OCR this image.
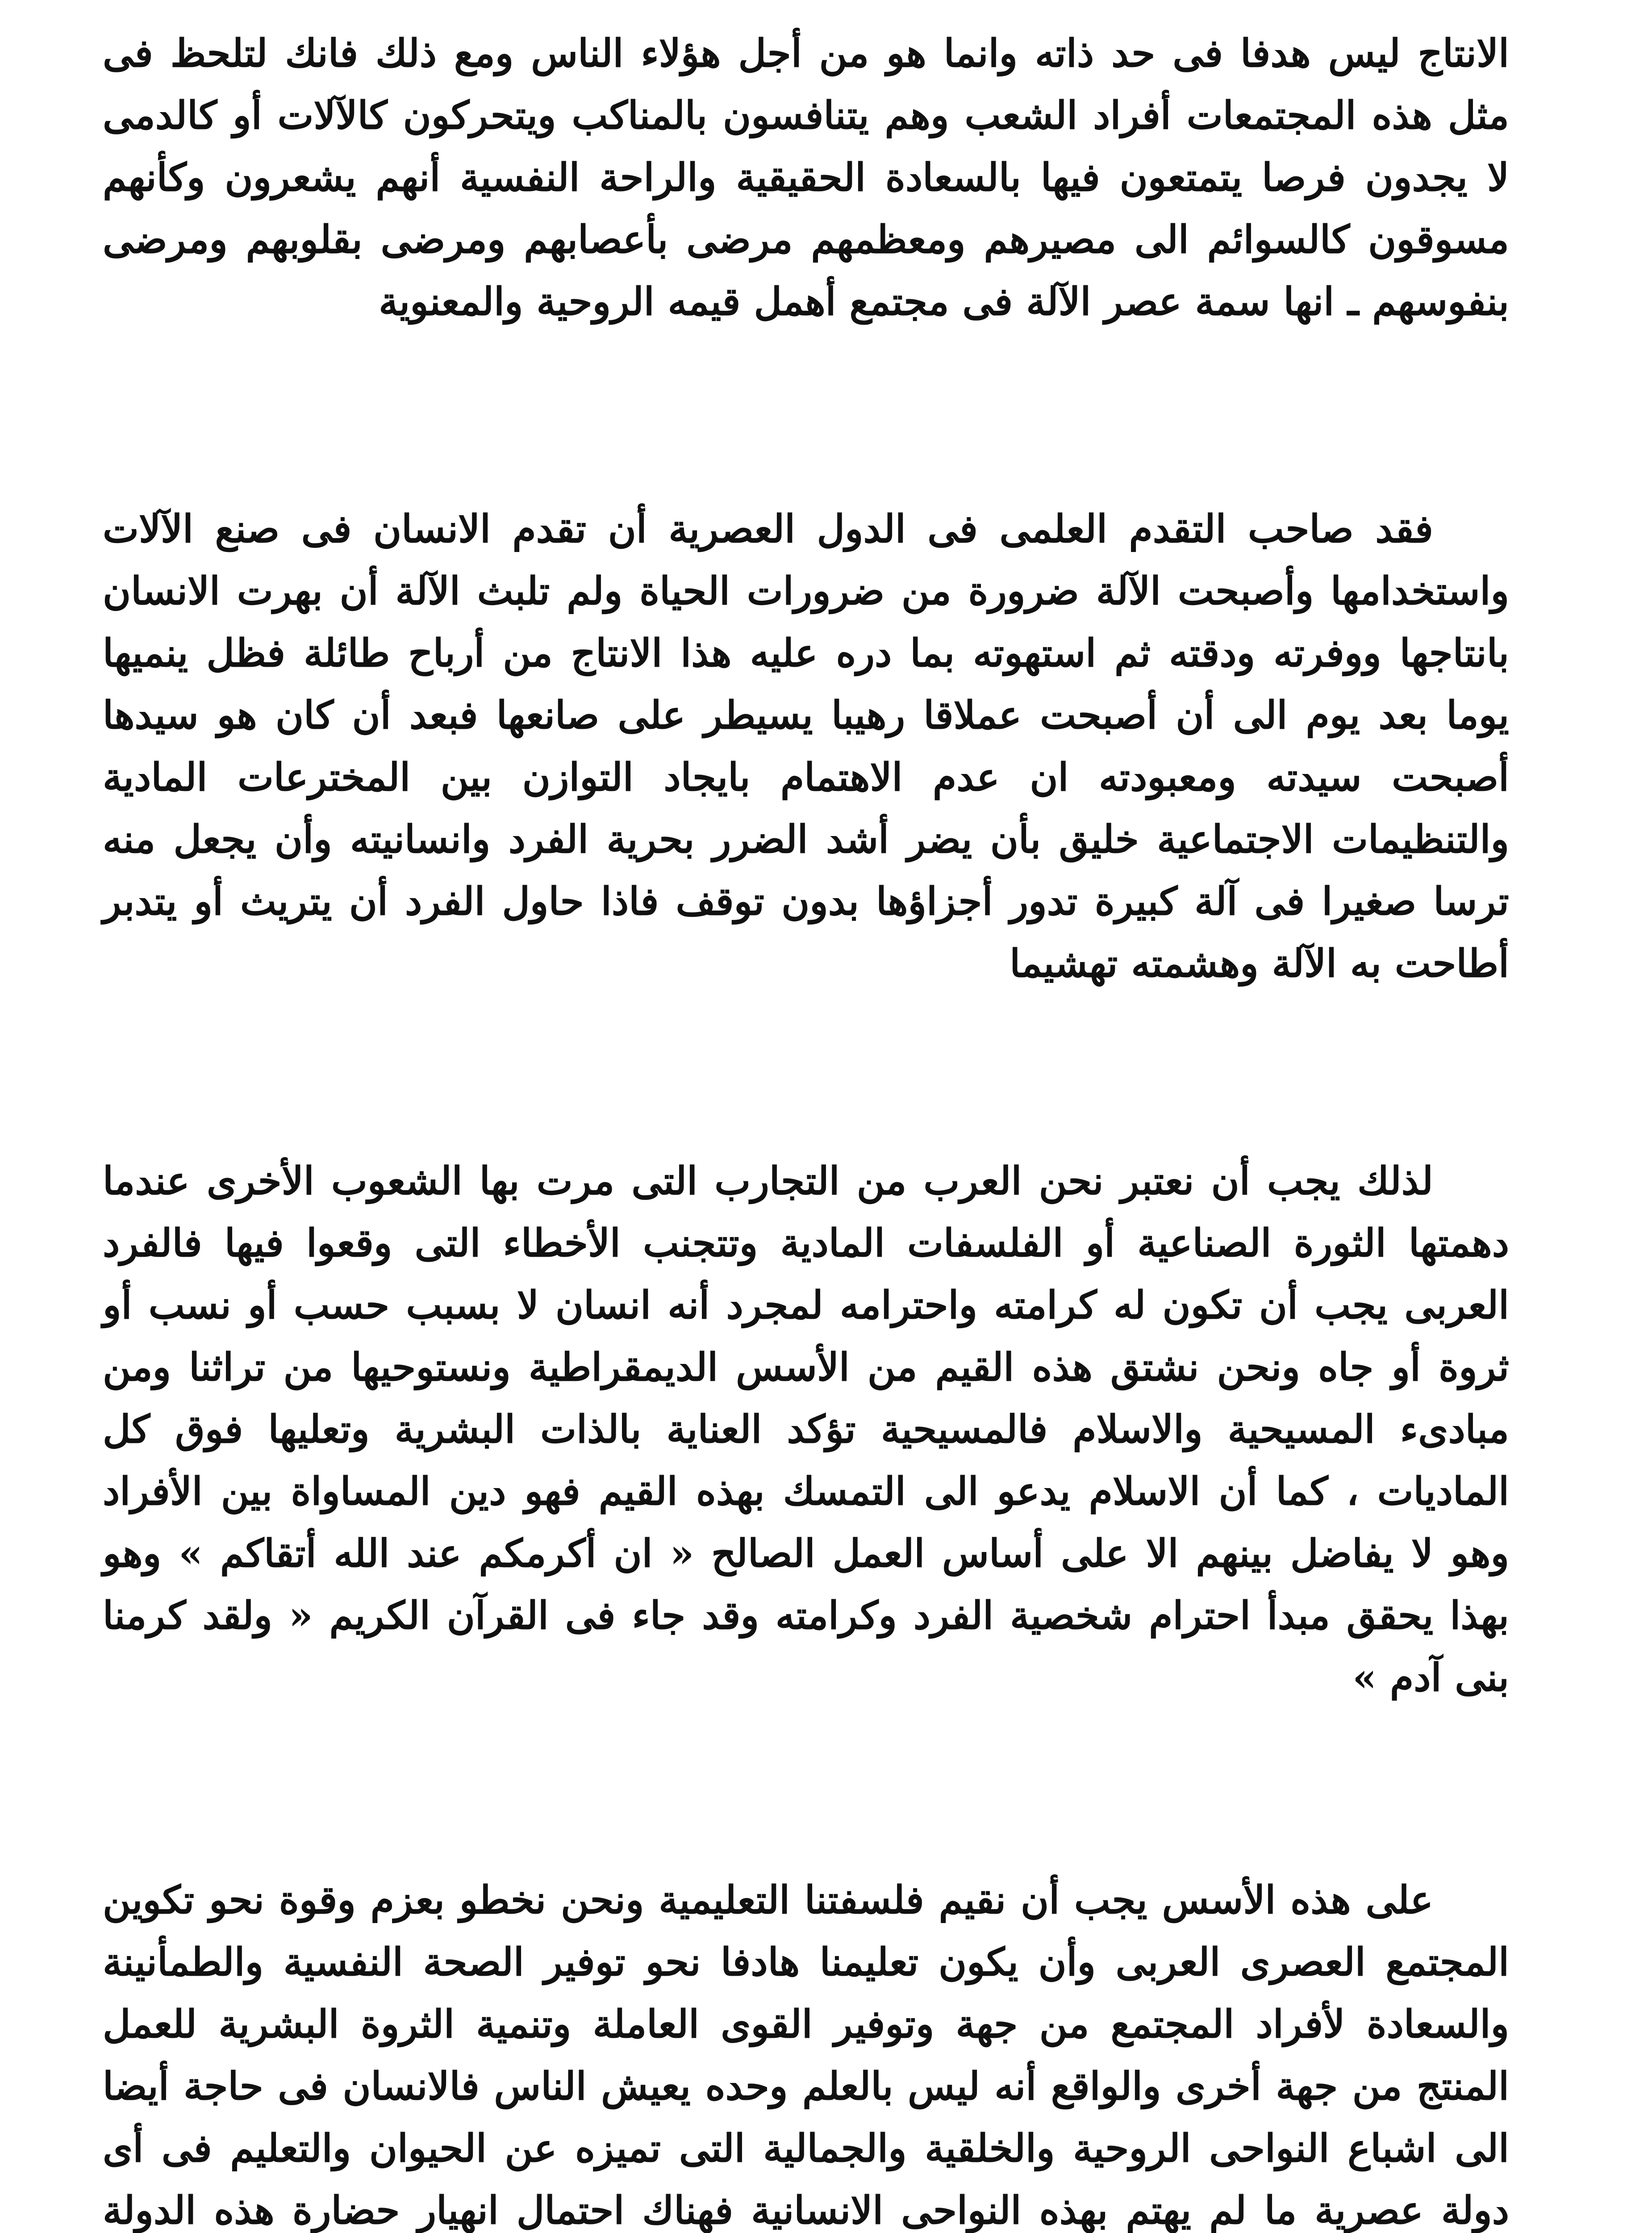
الانتاج ليس هدفا فى حد ذاته وانما هو من أجل هؤلاء الناس ومع ذلك فانك لتلحظ فى مثل هذه المجتمعات أفراد الشعب وهم يتنافسون بالمناكب ويتحركون كالآلات أو كالدمى لا يجدون فرصا يتمتعون فيها بالسعادة الحقيقية والراحة النفسية أنهم يشعرون وكأنهم مسوقون كالسوائم الى مصيرهم ومعظمهم مرضى بأعصابهم ومرضى بقلوبهم ومرضى بنفوسهم ـ انها سمة عصر الآلة فى مجتمع أهمل قيمه الروحية والمعنوية

فقد صاحب التقدم العلمى فى الدول العصرية أن تقدم الانسان فى صنع الآلات واستخدامها وأصبحت الآلة ضرورة من ضرورات الحياة ولم تلبث الآلة أن بهرت الانسان بانتاجها ووفرته ودقته ثم استهوته بما دره عليه هذا الانتاج من أرباح طائلة فظل ينميها يوما بعد يوم الى أن أصبحت عملاقا رهيبا يسيطر على صانعها فبعد أن كان هو سيدها أصبحت سيدته ومعبودته ان عدم الاهتمام بايجاد التوازن بين المخترعات المادية والتنظيمات الاجتماعية خليق بأن يضر أشد الضرر بحرية الفرد وانسانيته وأن يجعل منه ترسا صغيرا فى آلة كبيرة تدور أجزاؤها بدون توقف فاذا حاول الفرد أن يتريث أو يتدبر أطاحت به الآلة وهشمته تهشيما

لذلك يجب أن نعتبر نحن العرب من التجارب التى مرت بها الشعوب الأخرى عندما دهمتها الثورة الصناعية أو الفلسفات المادية وتتجنب الأخطاء التى وقعوا فيها فالفرد العربى يجب أن تكون له كرامته واحترامه لمجرد أنه انسان لا بسبب حسب أو نسب أو ثروة أو جاه ونحن نشتق هذه القيم من الأسس الديمقراطية ونستوحيها من تراثنا ومن مبادىء المسيحية والاسلام فالمسيحية تؤكد العناية بالذات البشرية وتعليها فوق كل الماديات ، كما أن الاسلام يدعو الى التمسك بهذه القيم فهو دين المساواة بين الأفراد وهو لا يفاضل بينهم الا على أساس العمل الصالح « ان أكرمكم عند الله أتقاكم » وهو بهذا يحقق مبدأ احترام شخصية الفرد وكرامته وقد جاء فى القرآن الكريم « ولقد كرمنا بنى آدم »

على هذه الأسس يجب أن نقيم فلسفتنا التعليمية ونحن نخطو بعزم وقوة نحو تكوين المجتمع العصرى العربى وأن يكون تعليمنا هادفا نحو توفير الصحة النفسية والطمأنينة والسعادة لأفراد المجتمع من جهة وتوفير القوى العاملة وتنمية الثروة البشرية للعمل المنتج من جهة أخرى والواقع أنه ليس بالعلم وحده يعيش الناس فالانسان فى حاجة أيضا الى اشباع النواحى الروحية والخلقية والجمالية التى تميزه عن الحيوان والتعليم فى أى دولة عصرية ما لم يهتم بهذه النواحى الانسانية فهناك احتمال انهيار حضارة هذه الدولة
